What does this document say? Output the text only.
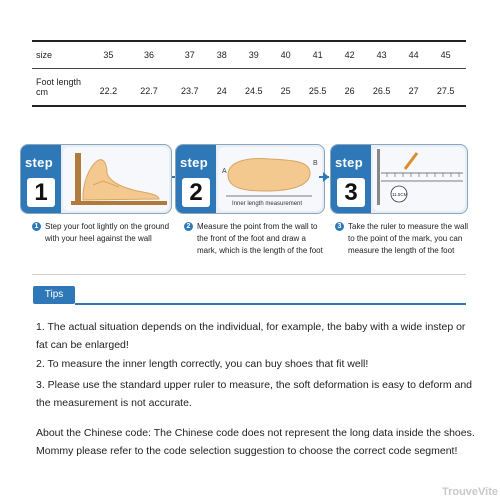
size	35	36	37	38	39	40	41	42	43	44	45
Foot length
cm	22.2	22.7	23.7	24	24.5	25	25.5	26	26.5	27	27.5
step
1
step
2
A
B
Inner length measurement
step
3	11.5CM
1 Step your foot lightly on the ground with your heel against the wall
2 Measure the point from the wall to the front of the foot and draw a mark, which is the length of the foot
3 Take the ruler to measure the wall to the point of the mark, you can measure the length of the foot
Tips
1. The actual situation depends on the individual, for example, the baby with a wide instep or fat can be enlarged!
2. To measure the inner length correctly, you can buy shoes that fit well!
3. Please use the standard upper ruler to measure, the soft deformation is easy to deform and the measurement is not accurate.
About the Chinese code: The Chinese code does not represent the long data inside the shoes. Mommy please refer to the code selection suggestion to choose the correct code segment!
TrouveVite
